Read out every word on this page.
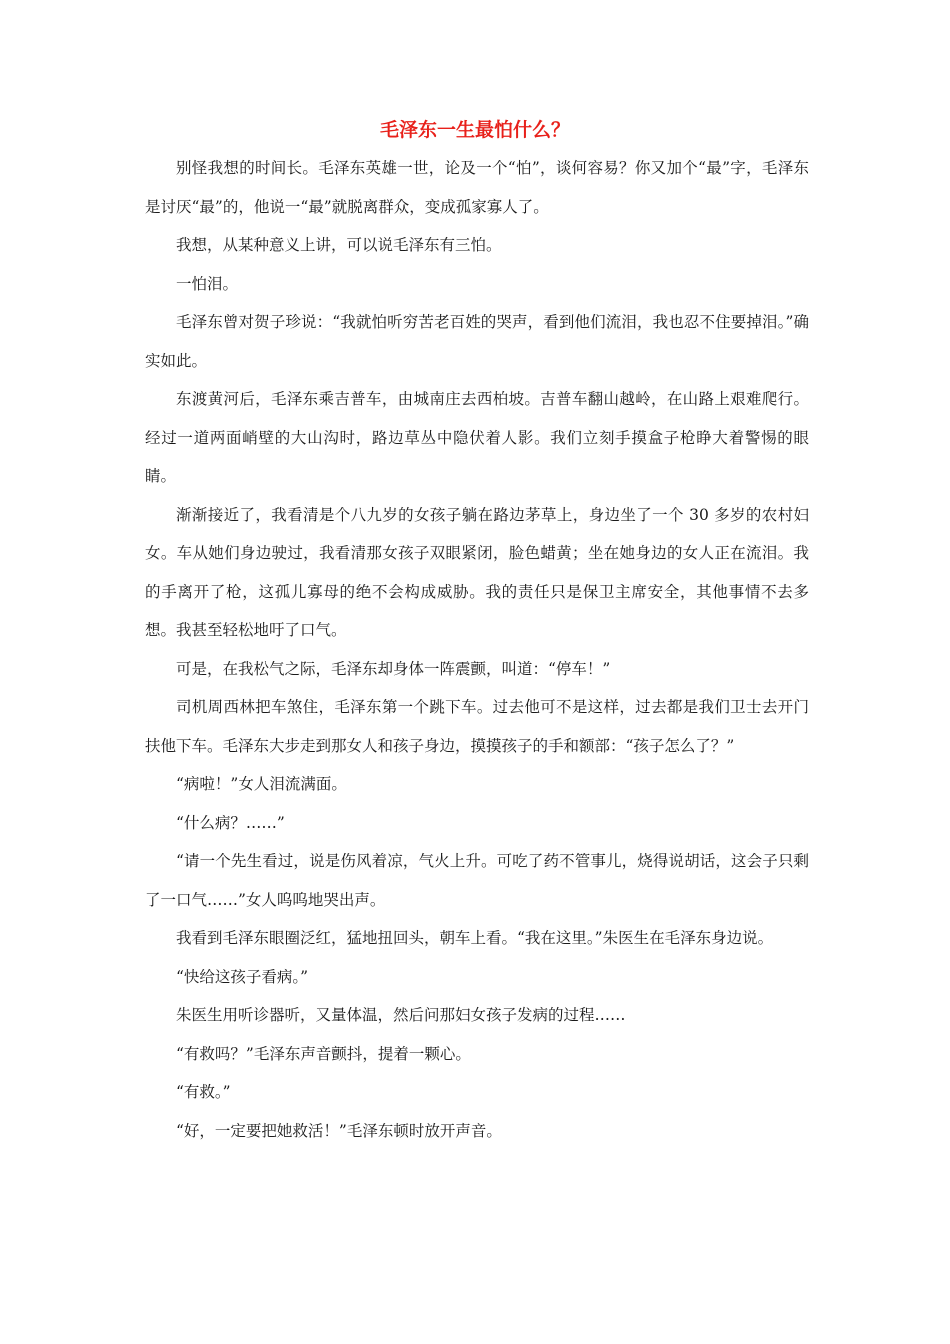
毛泽东一生最怕什么？

别怪我想的时间长。毛泽东英雄一世，论及一个“怕”，谈何容易？你又加个“最”字，毛泽东是讨厌“最”的，他说一“最”就脱离群众，变成孤家寡人了。

我想，从某种意义上讲，可以说毛泽东有三怕。

一怕泪。

毛泽东曾对贺子珍说：“我就怕听穷苦老百姓的哭声，看到他们流泪，我也忍不住要掉泪。”确实如此。

东渡黄河后，毛泽东乘吉普车，由城南庄去西柏坡。吉普车翻山越岭，在山路上艰难爬行。经过一道两面峭壁的大山沟时，路边草丛中隐伏着人影。我们立刻手摸盒子枪睁大着警惕的眼睛。

渐渐接近了，我看清是个八九岁的女孩子躺在路边茅草上，身边坐了一个 30 多岁的农村妇女。车从她们身边驶过，我看清那女孩子双眼紧闭，脸色蜡黄；坐在她身边的女人正在流泪。我的手离开了枪，这孤儿寡母的绝不会构成威胁。我的责任只是保卫主席安全，其他事情不去多想。我甚至轻松地吁了口气。

可是，在我松气之际，毛泽东却身体一阵震颤，叫道：“停车！”

司机周西林把车煞住，毛泽东第一个跳下车。过去他可不是这样，过去都是我们卫士去开门扶他下车。毛泽东大步走到那女人和孩子身边，摸摸孩子的手和额部：“孩子怎么了？”

“病啦！”女人泪流满面。

“什么病？……”

“请一个先生看过，说是伤风着凉，气火上升。可吃了药不管事儿，烧得说胡话，这会子只剩了一口气……”女人呜呜地哭出声。

我看到毛泽东眼圈泛红，猛地扭回头，朝车上看。“我在这里。”朱医生在毛泽东身边说。

“快给这孩子看病。”

朱医生用听诊器听，又量体温，然后问那妇女孩子发病的过程……

“有救吗？”毛泽东声音颤抖，提着一颗心。

“有救。”

“好，一定要把她救活！”毛泽东顿时放开声音。
